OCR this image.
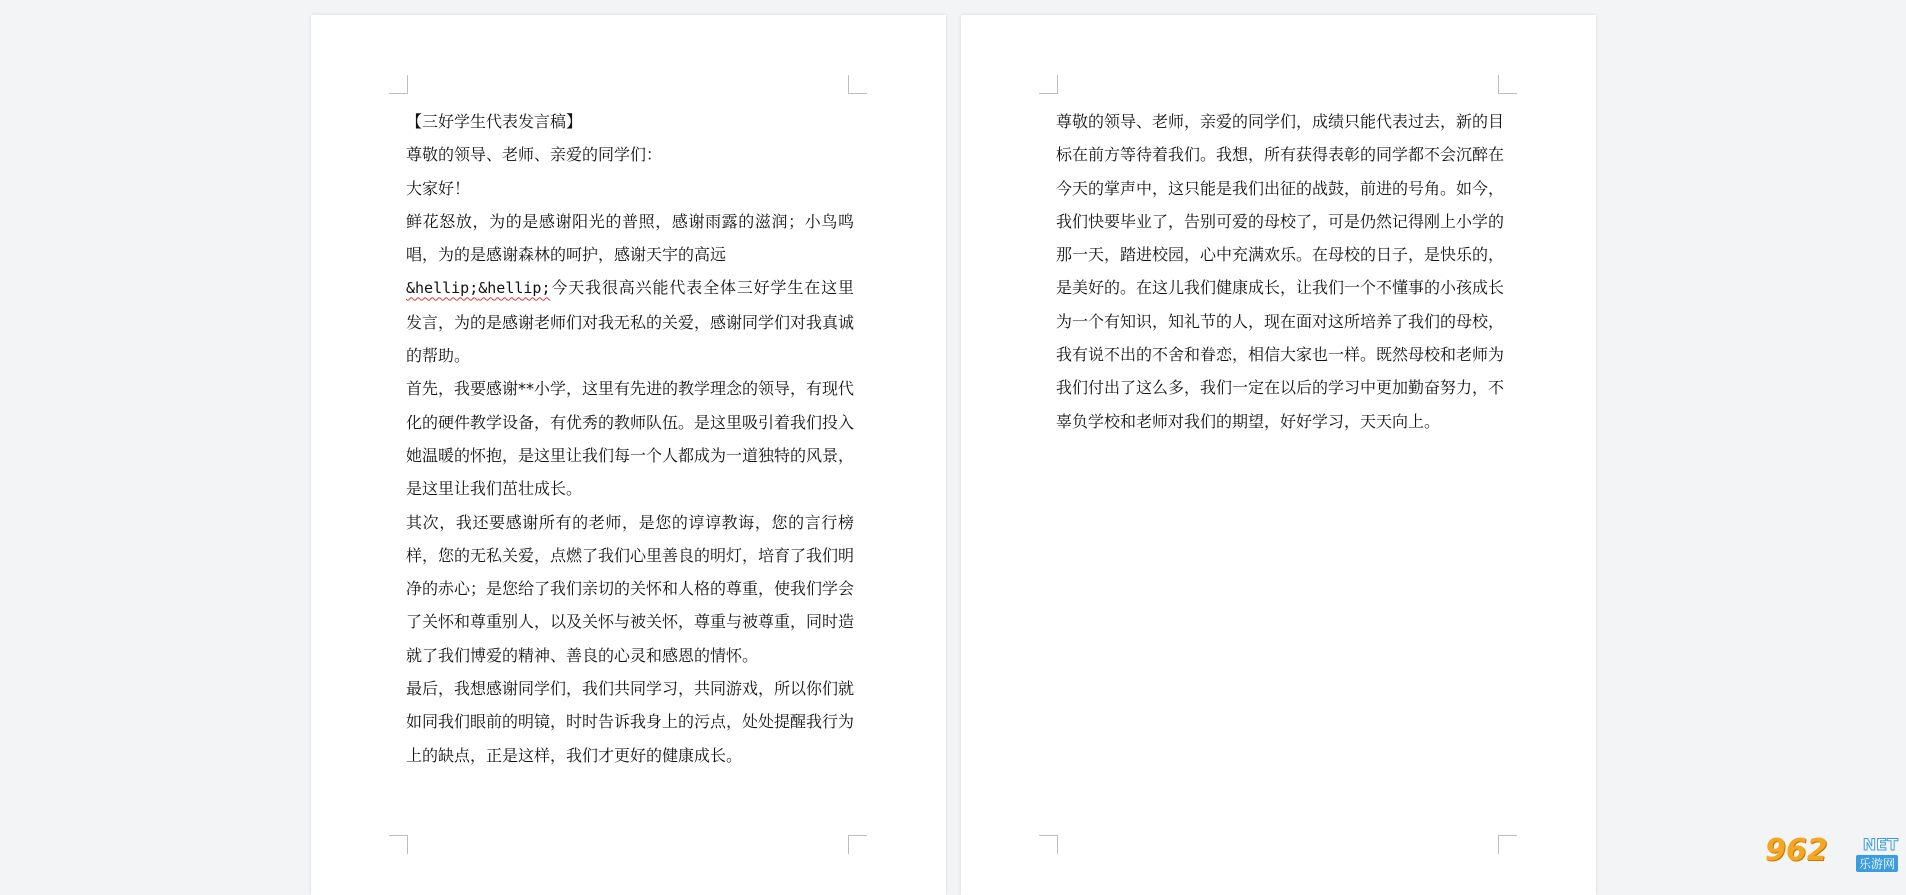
【三好学生代表发言稿】

尊敬的领导、老师、亲爱的同学们：

大家好！

鲜花怒放，为的是感谢阳光的普照，感谢雨露的滋润；小鸟鸣唱，为的是感谢森林的呵护，感谢天宇的高远
&hellip;&hellip;今天我很高兴能代表全体三好学生在这里发言，为的是感谢老师们对我无私的关爱，感谢同学们对我真诚的帮助。

首先，我要感谢**小学，这里有先进的教学理念的领导，有现代化的硬件教学设备，有优秀的教师队伍。是这里吸引着我们投入她温暖的怀抱，是这里让我们每一个人都成为一道独特的风景，是这里让我们茁壮成长。

其次，我还要感谢所有的老师，是您的谆谆教诲，您的言行榜样，您的无私关爱，点燃了我们心里善良的明灯，培育了我们明净的赤心；是您给了我们亲切的关怀和人格的尊重，使我们学会了关怀和尊重别人，以及关怀与被关怀，尊重与被尊重，同时造就了我们博爱的精神、善良的心灵和感恩的情怀。

最后，我想感谢同学们，我们共同学习，共同游戏，所以你们就如同我们眼前的明镜，时时告诉我身上的污点，处处提醒我行为上的缺点，正是这样，我们才更好的健康成长。

尊敬的领导、老师，亲爱的同学们，成绩只能代表过去，新的目标在前方等待着我们。我想，所有获得表彰的同学都不会沉醉在今天的掌声中，这只能是我们出征的战鼓，前进的号角。如今，我们快要毕业了，告别可爱的母校了，可是仍然记得刚上小学的那一天，踏进校园，心中充满欢乐。在母校的日子，是快乐的，是美好的。在这儿我们健康成长，让我们一个不懂事的小孩成长为一个有知识，知礼节的人，现在面对这所培养了我们的母校，我有说不出的不舍和眷恋，相信大家也一样。既然母校和老师为我们付出了这么多，我们一定在以后的学习中更加勤奋努力，不辜负学校和老师对我们的期望，好好学习，天天向上。

962 NET
乐游网
